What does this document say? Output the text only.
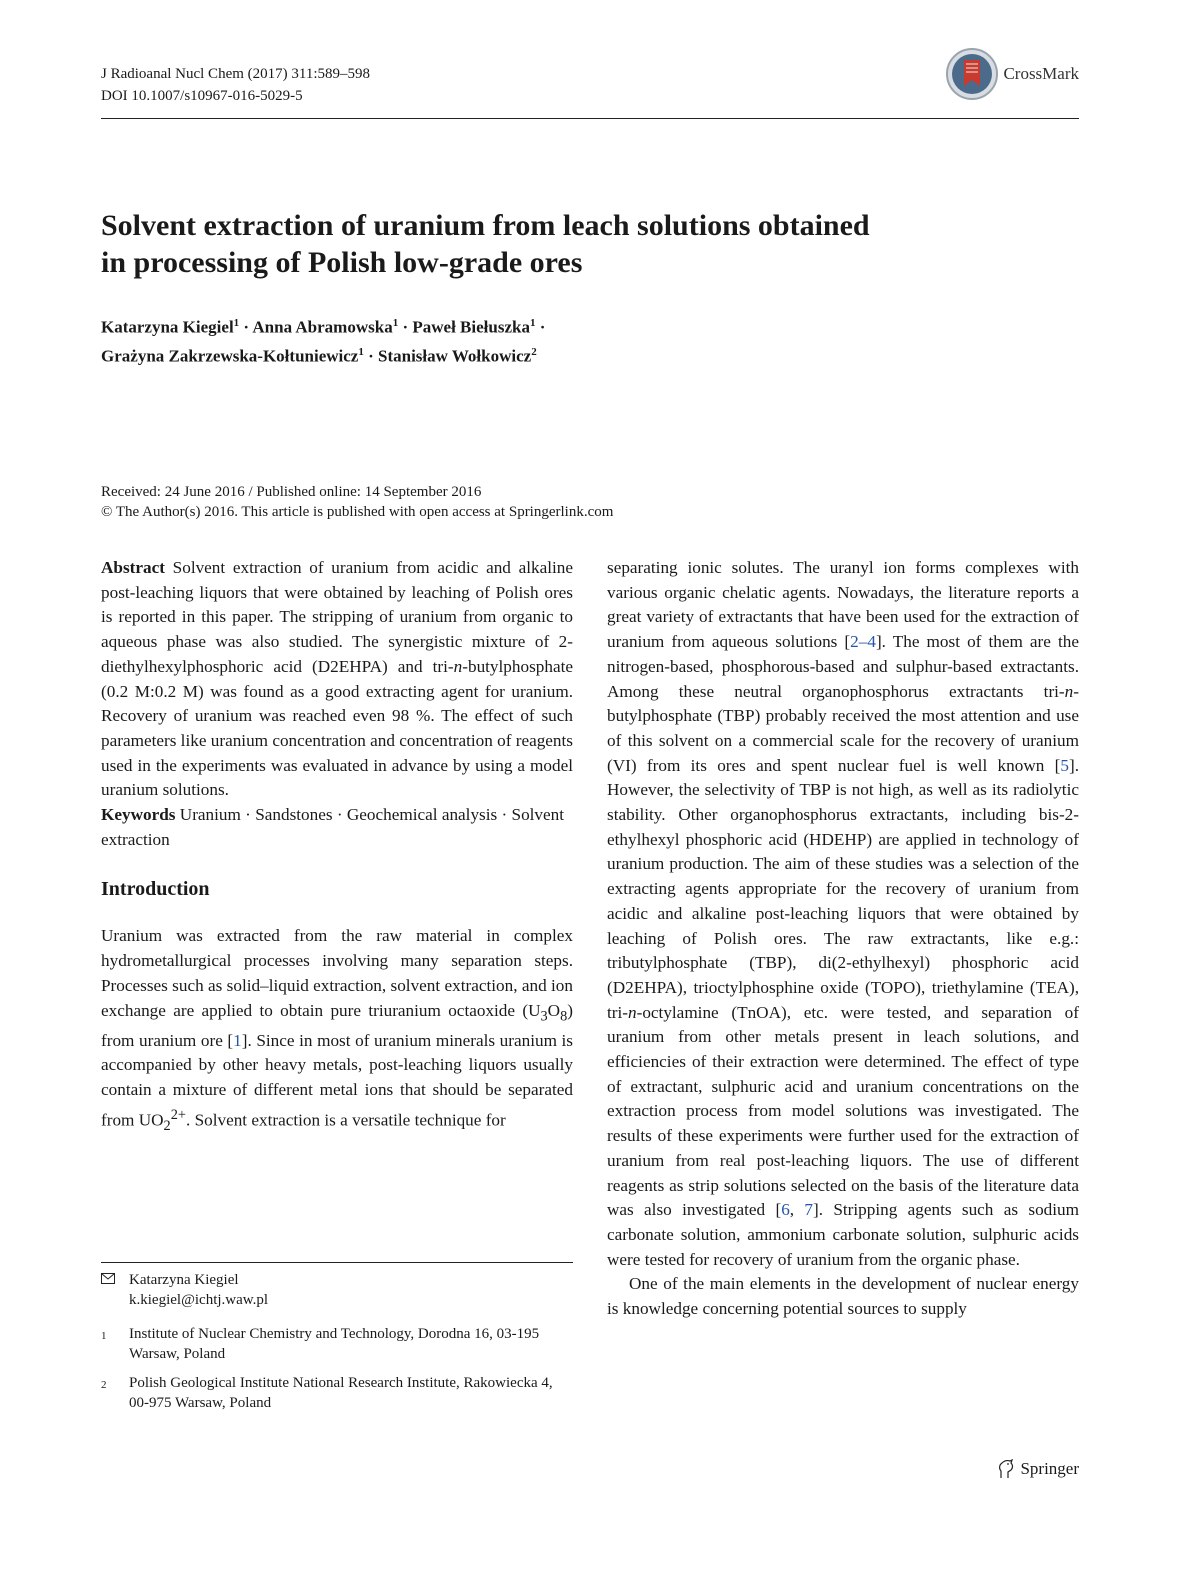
J Radioanal Nucl Chem (2017) 311:589–598
DOI 10.1007/s10967-016-5029-5
CrossMark
Solvent extraction of uranium from leach solutions obtained
in processing of Polish low-grade ores
Katarzyna Kiegiel$^1$ · Anna Abramowska$^1$ · Paweł Biełuszka$^1$ ·
Grażyna Zakrzewska-Kołtuniewicz$^1$ · Stanisław Wołkowicz$^2$
Received: 24 June 2016 / Published online: 14 September 2016
© The Author(s) 2016. This article is published with open access at Springerlink.com

Abstract Solvent extraction of uranium from acidic and alkaline post-leaching liquors that were obtained by leaching of Polish ores is reported in this paper. The stripping of uranium from organic to aqueous phase was also studied. The synergistic mixture of 2-diethylhexylphosphoric acid (D2EHPA) and tri-n-butylphosphate (0.2 M:0.2 M) was found as a good extracting agent for uranium. Recovery of uranium was reached even 98 %. The effect of such parameters like uranium concentration and concentration of reagents used in the experiments was evaluated in advance by using a model uranium solutions.

Keywords Uranium · Sandstones · Geochemical analysis · Solvent extraction

Introduction

Uranium was extracted from the raw material in complex hydrometallurgical processes involving many separation steps. Processes such as solid–liquid extraction, solvent extraction, and ion exchange are applied to obtain pure triuranium octaoxide $(U_3O_8)$ from uranium ore [1]. Since in most of uranium minerals uranium is accompanied by other heavy metals, post-leaching liquors usually contain a mixture of different metal ions that should be separated from $UO_2^{2+}$. Solvent extraction is a versatile technique for

Katarzyna Kiegiel
k.kiegiel@ichtj.waw.pl
1	Institute of Nuclear Chemistry and Technology, Dorodna 16, 03-195 Warsaw, Poland
2	Polish Geological Institute National Research Institute, Rakowiecka 4, 00-975 Warsaw, Poland

separating ionic solutes. The uranyl ion forms complexes with various organic chelatic agents. Nowadays, the literature reports a great variety of extractants that have been used for the extraction of uranium from aqueous solutions [2–4]. The most of them are the nitrogen-based, phosphorous-based and sulphur-based extractants. Among these neutral organophosphorus extractants tri-n-butylphosphate (TBP) probably received the most attention and use of this solvent on a commercial scale for the recovery of uranium (VI) from its ores and spent nuclear fuel is well known [5]. However, the selectivity of TBP is not high, as well as its radiolytic stability. Other organophosphorus extractants, including bis-2-ethylhexyl phosphoric acid (HDEHP) are applied in technology of uranium production. The aim of these studies was a selection of the extracting agents appropriate for the recovery of uranium from acidic and alkaline post-leaching liquors that were obtained by leaching of Polish ores. The raw extractants, like e.g.: tributylphosphate (TBP), di(2-ethylhexyl) phosphoric acid (D2EHPA), trioctylphosphine oxide (TOPO), triethylamine (TEA), tri-n-octylamine (TnOA), etc. were tested, and separation of uranium from other metals present in leach solutions, and efficiencies of their extraction were determined. The effect of type of extractant, sulphuric acid and uranium concentrations on the extraction process from model solutions was investigated. The results of these experiments were further used for the extraction of uranium from real post-leaching liquors. The use of different reagents as strip solutions selected on the basis of the literature data was also investigated [6, 7]. Stripping agents such as sodium carbonate solution, ammonium carbonate solution, sulphuric acids were tested for recovery of uranium from the organic phase.

One of the main elements in the development of nuclear energy is knowledge concerning potential sources to supply

Springer
